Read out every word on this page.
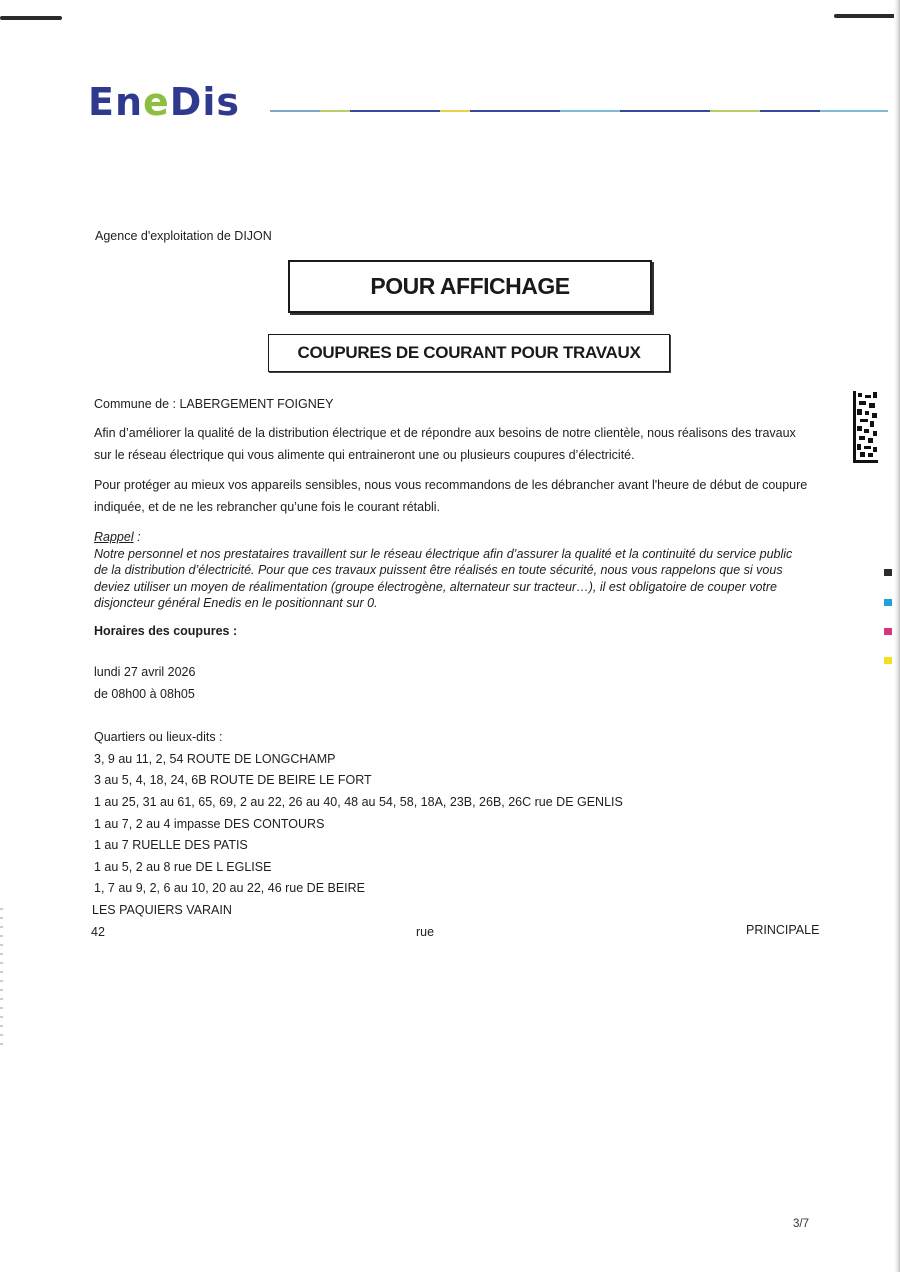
EneDis
Agence d'exploitation de DIJON
POUR AFFICHAGE
COUPURES DE COURANT POUR TRAVAUX
Commune de : LABERGEMENT FOIGNEY
Afin d’améliorer la qualité de la distribution électrique et de répondre aux besoins de notre clientèle, nous réalisons des travaux
sur le réseau électrique qui vous alimente qui entraineront une ou plusieurs coupures d’électricité.
Pour protéger au mieux vos appareils sensibles, nous vous recommandons de les débrancher avant l'heure de début de coupure
indiquée, et de ne les rebrancher qu’une fois le courant rétabli.
Rappel :
Notre personnel et nos prestataires travaillent sur le réseau électrique afin d’assurer la qualité et la continuité du service public
de la distribution d’électricité. Pour que ces travaux puissent être réalisés en toute sécurité, nous vous rappelons que si vous
deviez utiliser un moyen de réalimentation (groupe électrogène, alternateur sur tracteur…), il est obligatoire de couper votre
disjoncteur général Enedis en le positionnant sur 0.
Horaires des coupures :
lundi 27 avril 2026
de 08h00 à 08h05
Quartiers ou lieux-dits :
3, 9 au 11, 2, 54 ROUTE DE LONGCHAMP
3 au 5, 4, 18, 24, 6B ROUTE DE BEIRE LE FORT
1 au 25, 31 au 61, 65, 69, 2 au 22, 26 au 40, 48 au 54, 58, 18A, 23B, 26B, 26C rue DE GENLIS
1 au 7, 2 au 4 impasse DES CONTOURS
1 au 7 RUELLE DES PATIS
1 au 5, 2 au 8 rue DE L EGLISE
1, 7 au 9, 2, 6 au 10, 20 au 22, 46 rue DE BEIRE
LES PAQUIERS VARAIN
42	rue	PRINCIPALE
3/7
